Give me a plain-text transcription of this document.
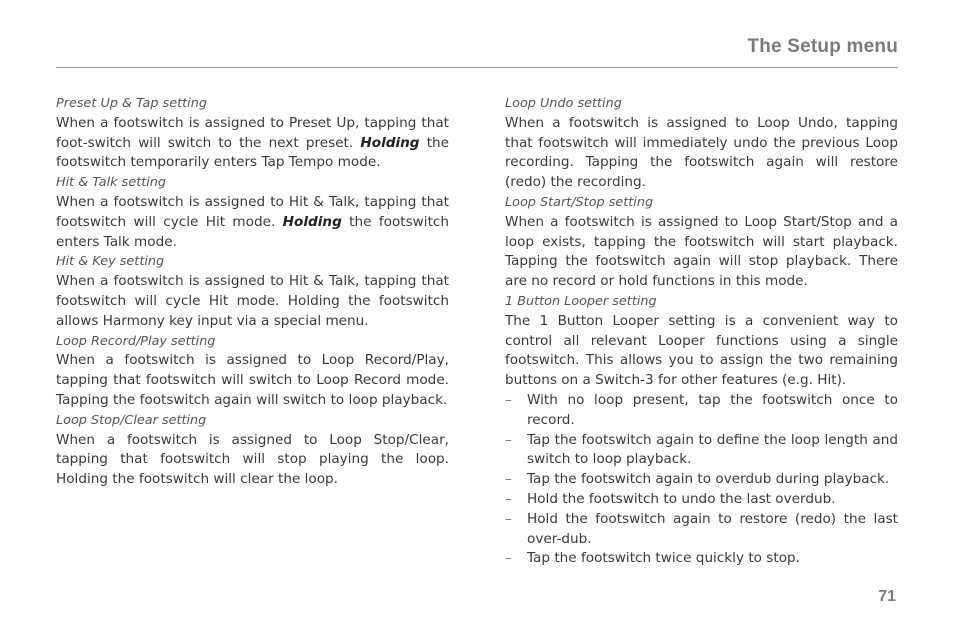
The Setup menu

Preset Up & Tap setting

When a footswitch is assigned to Preset Up, tapping that foot-switch will switch to the next preset. Holding the footswitch temporarily enters Tap Tempo mode.

Hit & Talk setting

When a footswitch is assigned to Hit & Talk, tapping that footswitch will cycle Hit mode. Holding the footswitch enters Talk mode.

Hit & Key setting

When a footswitch is assigned to Hit & Talk, tapping that footswitch will cycle Hit mode. Holding the footswitch allows Harmony key input via a special menu.

Loop Record/Play setting

When a footswitch is assigned to Loop Record/Play, tapping that footswitch will switch to Loop Record mode. Tapping the footswitch again will switch to loop playback.

Loop Stop/Clear setting

When a footswitch is assigned to Loop Stop/Clear, tapping that footswitch will stop playing the loop. Holding the footswitch will clear the loop.

Loop Undo setting

When a footswitch is assigned to Loop Undo, tapping that footswitch will immediately undo the previous Loop recording. Tapping the footswitch again will restore (redo) the recording.

Loop Start/Stop setting

When a footswitch is assigned to Loop Start/Stop and a loop exists, tapping the footswitch will start playback. Tapping the footswitch again will stop playback. There are no record or hold functions in this mode.

1 Button Looper setting

The 1 Button Looper setting is a convenient way to control all relevant Looper functions using a single footswitch. This allows you to assign the two remaining buttons on a Switch-3 for other features (e.g. Hit).

– With no loop present, tap the footswitch once to record.
– Tap the footswitch again to define the loop length and switch to loop playback.
– Tap the footswitch again to overdub during playback.
– Hold the footswitch to undo the last overdub.
– Hold the footswitch again to restore (redo) the last over-dub.
– Tap the footswitch twice quickly to stop.
71
